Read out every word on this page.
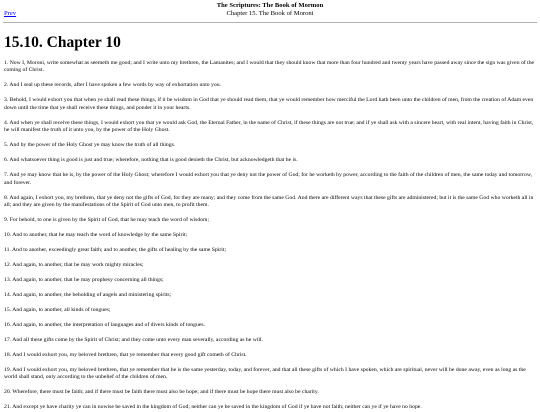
The Scriptures: The Book of Mormon
Chapter 15. The Book of Moroni
Prev
15.10. Chapter 10

1. Now I, Moroni, write somewhat as seemeth me good; and I write unto my brethren, the Lamanites; and I would that they should know that more than four hundred and twenty years have passed away since the sign was given of the coming of Christ.

2. And I seal up these records, after I have spoken a few words by way of exhortation unto you.

3. Behold, I would exhort you that when ye shall read these things, if it be wisdom in God that ye should read them, that ye would remember how merciful the Lord hath been unto the children of men, from the creation of Adam even down until the time that ye shall receive these things, and ponder it in your hearts.

4. And when ye shall receive these things, I would exhort you that ye would ask God, the Eternal Father, in the name of Christ, if these things are not true; and if ye shall ask with a sincere heart, with real intent, having faith in Christ, he will manifest the truth of it unto you, by the power of the Holy Ghost.

5. And by the power of the Holy Ghost ye may know the truth of all things.

6. And whatsoever thing is good is just and true; wherefore, nothing that is good denieth the Christ, but acknowledgeth that he is.

7. And ye may know that he is, by the power of the Holy Ghost; wherefore I would exhort you that ye deny not the power of God; for he worketh by power, according to the faith of the children of men, the same today and tomorrow, and forever.

8. And again, I exhort you, my brethren, that ye deny not the gifts of God, for they are many; and they come from the same God. And there are different ways that these gifts are administered; but it is the same God who worketh all in all; and they are given by the manifestations of the Spirit of God unto men, to profit them.

9. For behold, to one is given by the Spirit of God, that he may teach the word of wisdom;

10. And to another, that he may teach the word of knowledge by the same Spirit;

11. And to another, exceedingly great faith; and to another, the gifts of healing by the same Spirit;

12. And again, to another, that he may work mighty miracles;

13. And again, to another, that he may prophesy concerning all things;

14. And again, to another, the beholding of angels and ministering spirits;

15. And again, to another, all kinds of tongues;

16. And again, to another, the interpretation of languages and of divers kinds of tongues.

17. And all these gifts come by the Spirit of Christ; and they come unto every man severally, according as he will.

18. And I would exhort you, my beloved brethren, that ye remember that every good gift cometh of Christ.

19. And I would exhort you, my beloved brethren, that ye remember that he is the same yesterday, today, and forever, and that all these gifts of which I have spoken, which are spiritual, never will be done away, even as long as the world shall stand, only according to the unbelief of the children of men.

20. Wherefore, there must be faith; and if there must be faith there must also be hope; and if there must be hope there must also be charity.

21. And except ye have charity ye can in nowise be saved in the kingdom of God; neither can ye be saved in the kingdom of God if ye have not faith; neither can ye if ye have no hope.
